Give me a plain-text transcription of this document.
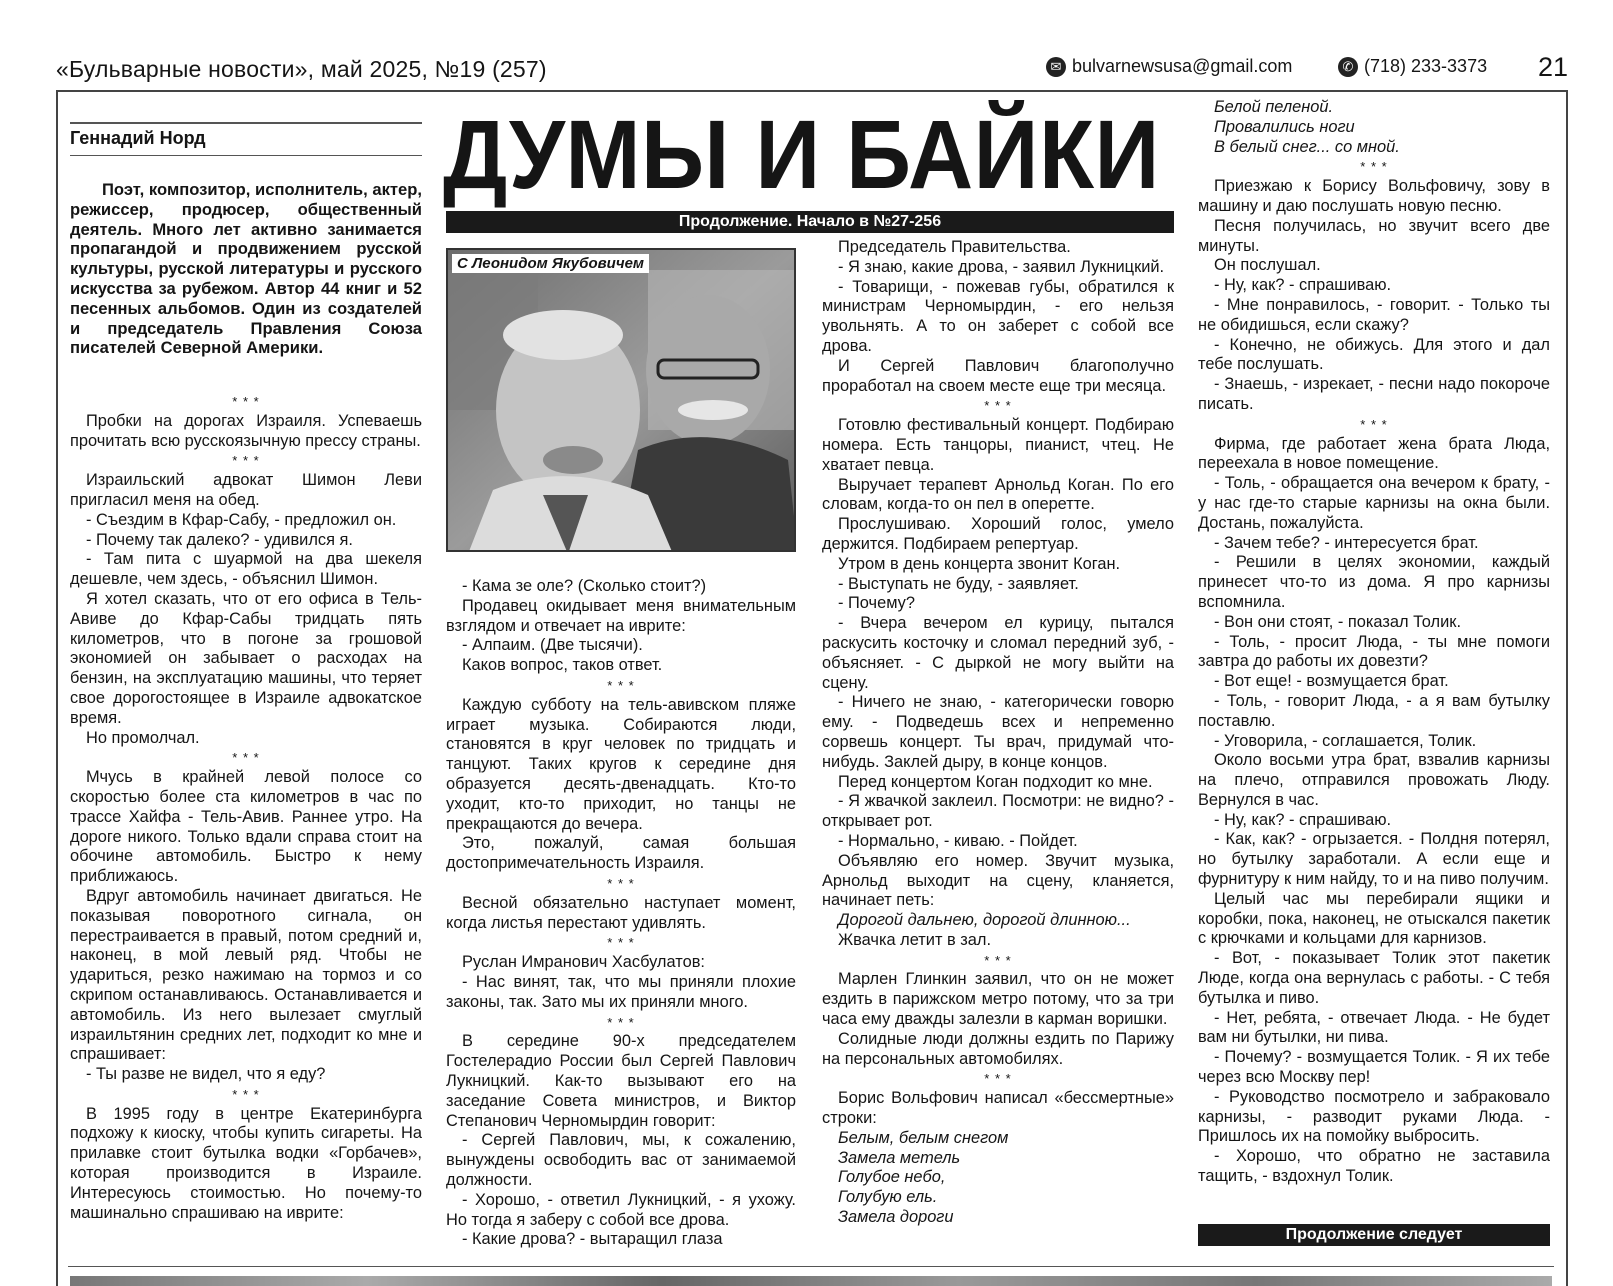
«Бульварные новости», май 2025, №19 (257)	✉ bulvarnewsusa@gmail.com	✆ (718) 233-3373 21
Геннадий Норд
Поэт, композитор, исполнитель, актер, режиссер, продюсер, общественный деятель. Много лет активно занимается пропагандой и продвижением русской культуры, русской литературы и русского искусства за рубежом. Автор 44 книг и 52 песенных альбомов. Один из создателей и председатель Правления Союза писателей Северной Америки.
ДУМЫ И БАЙКИ
Продолжение. Начало в №27-256
С Леонидом Якубовичем

* * *

Пробки на дорогах Израиля. Успеваешь прочитать всю русскоязычную прессу страны.

* * *

Израильский адвокат Шимон Леви пригласил меня на обед.

- Съездим в Кфар-Сабу, - предложил он.

- Почему так далеко? - удивился я.

- Там пита с шуармой на два шекеля дешевле, чем здесь, - объяснил Шимон.

Я хотел сказать, что от его офиса в Тель-Авиве до Кфар-Сабы тридцать пять километров, что в погоне за грошовой экономией он забывает о расходах на бензин, на эксплуатацию машины, что теряет свое дорогостоящее в Израиле адвокатское время.

Но промолчал.

* * *

Мчусь в крайней левой полосе со скоростью более ста километров в час по трассе Хайфа - Тель-Авив. Раннее утро. На дороге никого. Только вдали справа стоит на обочине автомобиль. Быстро к нему приближаюсь.

Вдруг автомобиль начинает двигаться. Не показывая поворотного сигнала, он перестраивается в правый, потом средний и, наконец, в мой левый ряд. Чтобы не удариться, резко нажимаю на тормоз и со скрипом останавливаюсь. Останавливается и автомобиль. Из него вылезает смуглый израильтянин средних лет, подходит ко мне и спрашивает:

- Ты разве не видел, что я еду?

* * *

В 1995 году в центре Екатеринбурга подхожу к киоску, чтобы купить сигареты. На прилавке стоит бутылка водки «Горбачев», которая производится в Израиле. Интересуюсь стоимостью. Но почему-то машинально спрашиваю на иврите:

- Кама зе оле? (Сколько стоит?)

Продавец окидывает меня внимательным взглядом и отвечает на иврите:

- Алпаим. (Две тысячи).

Каков вопрос, таков ответ.

* * *

Каждую субботу на тель-авивском пляже играет музыка. Собираются люди, становятся в круг человек по тридцать и танцуют. Таких кругов к середине дня образуется десять-двенадцать. Кто-то уходит, кто-то приходит, но танцы не прекращаются до вечера.

Это, пожалуй, самая большая достопримечательность Израиля.

* * *

Весной обязательно наступает момент, когда листья перестают удивлять.

* * *

Руслан Имранович Хасбулатов:

- Нас винят, так, что мы приняли плохие законы, так. Зато мы их приняли много.

* * *

В середине 90-х председателем Гостелерадио России был Сергей Павлович Лукницкий. Как-то вызывают его на заседание Совета министров, и Виктор Степанович Черномырдин говорит:

- Сергей Павлович, мы, к сожалению, вынуждены освободить вас от занимаемой должности.

- Хорошо, - ответил Лукницкий, - я ухожу. Но тогда я заберу с собой все дрова.

- Какие дрова? - вытаращил глаза

Председатель Правительства.

- Я знаю, какие дрова, - заявил Лукницкий.

- Товарищи, - пожевав губы, обратился к министрам Черномырдин, - его нельзя увольнять. А то он заберет с собой все дрова.

И Сергей Павлович благополучно проработал на своем месте еще три месяца.

* * *

Готовлю фестивальный концерт. Подбираю номера. Есть танцоры, пианист, чтец. Не хватает певца.

Выручает терапевт Арнольд Коган. По его словам, когда-то он пел в оперетте.

Прослушиваю. Хороший голос, умело держится. Подбираем репертуар.

Утром в день концерта звонит Коган.

- Выступать не буду, - заявляет.

- Почему?

- Вчера вечером ел курицу, пытался раскусить косточку и сломал передний зуб, - объясняет. - С дыркой не могу выйти на сцену.

- Ничего не знаю, - категорически говорю ему. - Подведешь всех и непременно сорвешь концерт. Ты врач, придумай что-нибудь. Заклей дыру, в конце концов.

Перед концертом Коган подходит ко мне.

- Я жвачкой заклеил. Посмотри: не видно? - открывает рот.

- Нормально, - киваю. - Пойдет.

Объявляю его номер. Звучит музыка, Арнольд выходит на сцену, кланяется, начинает петь:

Дорогой дальнею, дорогой длинною...

Жвачка летит в зал.

* * *

Марлен Глинкин заявил, что он не может ездить в парижском метро потому, что за три часа ему дважды залезли в карман воришки.

Солидные люди должны ездить по Парижу на персональных автомобилях.

* * *

Борис Вольфович написал «бессмертные» строки:

Белым, белым снегом

Замела метель

Голубое небо,

Голубую ель.

Замела дороги

Белой пеленой.

Провалились ноги

В белый снег... со мной.

* * *

Приезжаю к Борису Вольфовичу, зову в машину и даю послушать новую песню.

Песня получилась, но звучит всего две минуты.

Он послушал.

- Ну, как? - спрашиваю.

- Мне понравилось, - говорит. - Только ты не обидишься, если скажу?

- Конечно, не обижусь. Для этого и дал тебе послушать.

- Знаешь, - изрекает, - песни надо покороче писать.

* * *

Фирма, где работает жена брата Люда, переехала в новое помещение.

- Толь, - обращается она вечером к брату, - у нас где-то старые карнизы на окна были. Достань, пожалуйста.

- Зачем тебе? - интересуется брат.

- Решили в целях экономии, каждый принесет что-то из дома. Я про карнизы вспомнила.

- Вон они стоят, - показал Толик.

- Толь, - просит Люда, - ты мне помоги завтра до работы их довезти?

- Вот еще! - возмущается брат.

- Толь, - говорит Люда, - а я вам бутылку поставлю.

- Уговорила, - соглашается, Толик.

Около восьми утра брат, взвалив карнизы на плечо, отправился провожать Люду. Вернулся в час.

- Ну, как? - спрашиваю.

- Как, как? - огрызается. - Полдня потерял, но бутылку заработали. А если еще и фурнитуру к ним найду, то и на пиво получим.

Целый час мы перебирали ящики и коробки, пока, наконец, не отыскался пакетик с крючками и кольцами для карнизов.

- Вот, - показывает Толик этот пакетик Люде, когда она вернулась с работы. - С тебя бутылка и пиво.

- Нет, ребята, - отвечает Люда. - Не будет вам ни бутылки, ни пива.

- Почему? - возмущается Толик. - Я их тебе через всю Москву пер!

- Руководство посмотрело и забраковало карнизы, - разводит руками Люда. - Пришлось их на помойку выбросить.

- Хорошо, что обратно не заставила тащить, - вздохнул Толик.

Продолжение следует
